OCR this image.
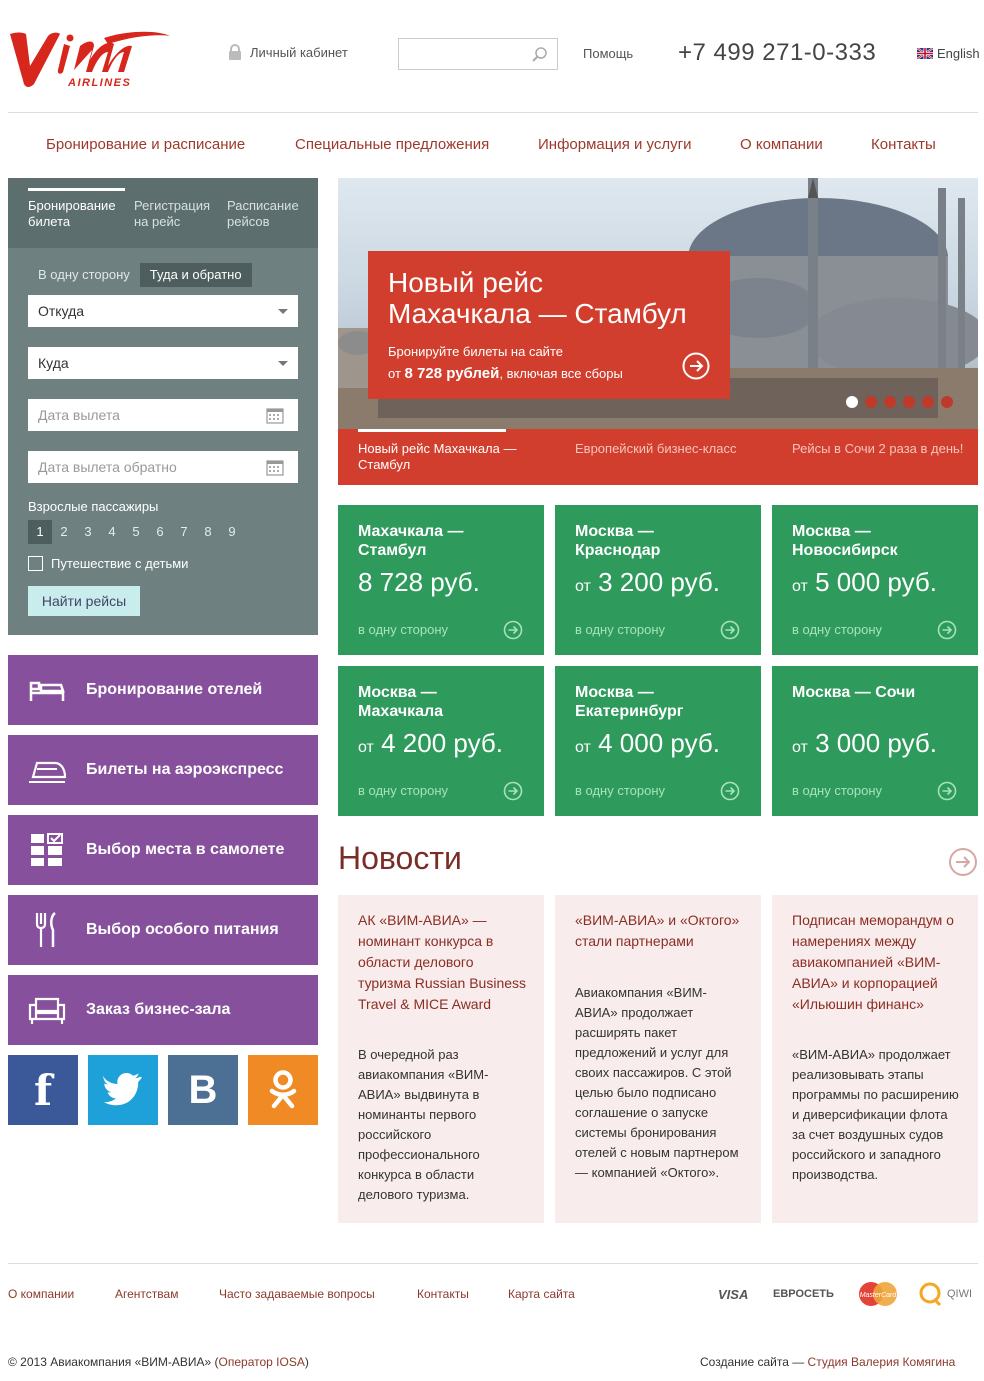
AIRLINES
Личный кабинет	Помощь +7 499 271-0-333	English
Бронирование и расписание	Специальные предложения	Информация и услуги	О компании	Контакты
Бронирование
билета
Регистрация
на рейс
Расписание
рейсов
В одну сторону	Туда и обратно
Откуда
Куда
Дата вылета
Дата вылета обратно
Взрослые пассажиры
1	2	3	4	5	6	7	8	9
Путешествие с детьми
Найти рейсы
Бронирование отелей
Билеты на аэроэкспресс
Выбор места в самолете
Выбор особого питания
Заказ бизнес-зала
f	B
Новый рейс
Махачкала — Стамбул
Бронируйте билеты на сайте
от 8 728 рублей, включая все сборы
Новый рейс Махачкала —
Стамбул
Европейский бизнес-класс	Рейсы в Сочи 2 раза в день!
Махачкала —
Стамбул
8 728 руб.
в одну сторону
Москва —
Краснодар
от 3 200 руб.
в одну сторону
Москва —
Новосибирск
от 5 000 руб.
в одну сторону
Москва —
Махачкала
от 4 200 руб.
в одну сторону
Москва —
Екатеринбург
от 4 000 руб.
в одну сторону
Москва — Сочи
от 3 000 руб.
в одну сторону
Новости
АК «ВИМ-АВИА» — номинант конкурса в области делового туризма Russian Business Travel & MICE Award
В очередной раз авиакомпания «ВИМ-АВИА» выдвинута в номинанты первого российского профессионального конкурса в области делового туризма.
«ВИМ-АВИА» и «Октого» стали партнерами
Авиакомпания «ВИМ-АВИА» продолжает расширять пакет предложений и услуг для своих пассажиров. С этой целью было подписано соглашение о запуске системы бронирования отелей с новым партнером — компанией «Октого».
Подписан меморандум о намерениях между авиакомпанией «ВИМ-АВИА» и корпорацией «Ильюшин финанс»
«ВИМ-АВИА» продолжает реализовывать этапы программы по расширению и диверсификации флота за счет воздушных судов российского и западного производства.
О компании	Агентствам	Часто задаваемые вопросы	Контакты	Карта сайта	VISA ЕВРОСЕТЬ	MasterCard	QIWI
© 2013 Авиакомпания «ВИМ-АВИА» (Оператор IOSA)	Создание сайта — Студия Валерия Комягина
